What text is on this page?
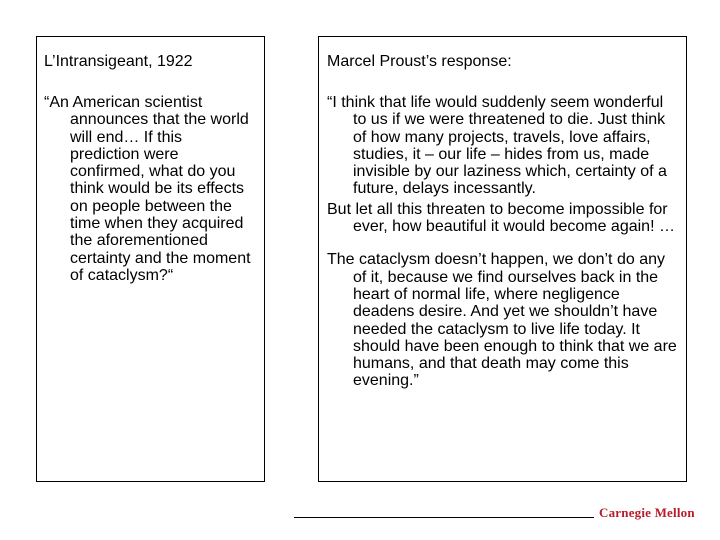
L’Intransigeant, 1922

“An American scientist announces that the world will end… If this prediction were confirmed, what do you think would be its effects on people between the time when they acquired the aforementioned certainty and the moment of cataclysm?“

Marcel Proust’s response:

“I think that life would suddenly seem wonderful to us if we were threatened to die. Just think of how many projects, travels, love affairs, studies, it – our life – hides from us, made invisible by our laziness which, certainty of a future, delays incessantly.

But let all this threaten to become impossible for ever, how beautiful it would become again! …

The cataclysm doesn’t happen, we don’t do any of it, because we find ourselves back in the heart of normal life, where negligence deadens desire. And yet we shouldn’t have needed the cataclysm to live life today. It should have been enough to think that we are humans, and that death may come this evening.”

Carnegie Mellon
